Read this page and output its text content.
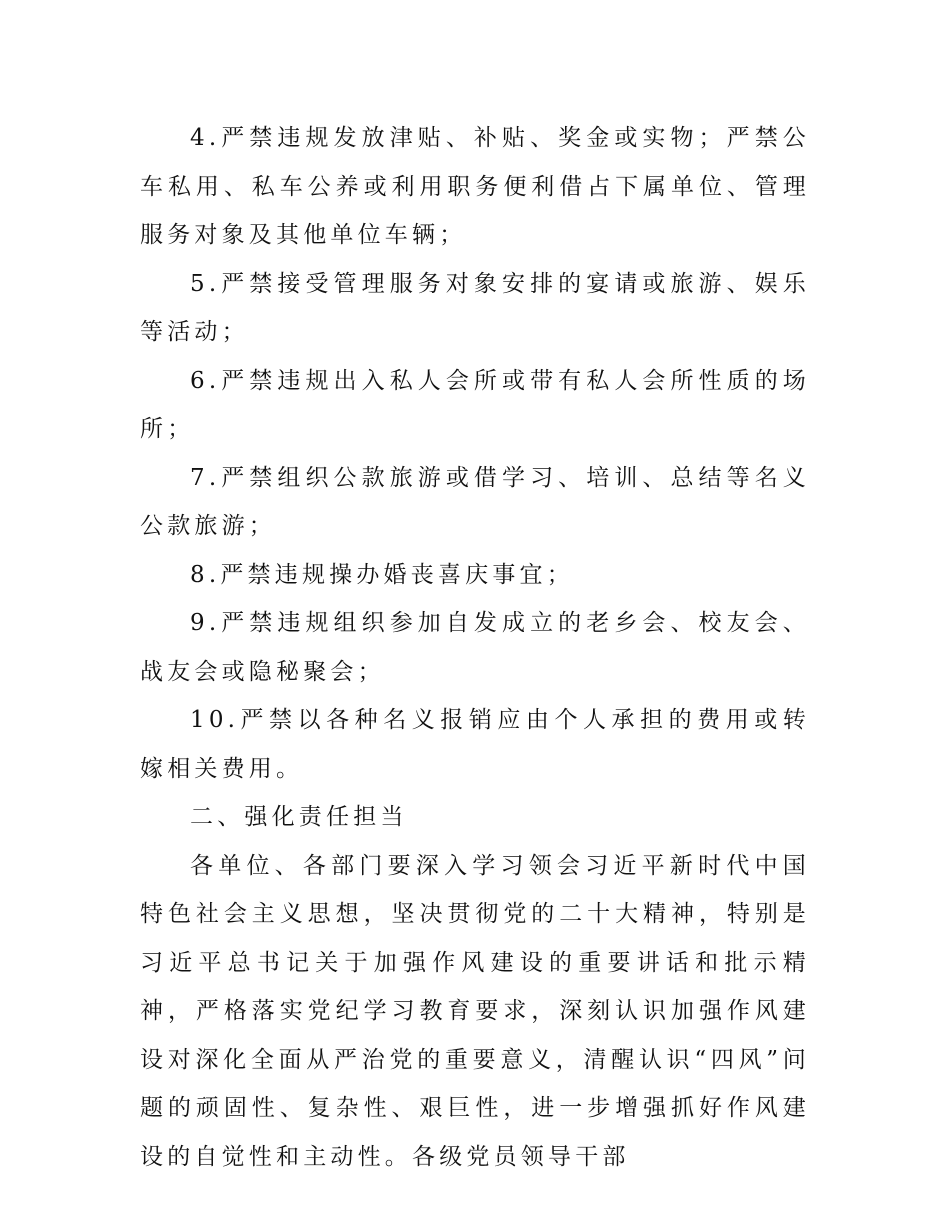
4.严禁违规发放津贴、补贴、奖金或实物；严禁公车私用、私车公养或利用职务便利借占下属单位、管理服务对象及其他单位车辆；

5.严禁接受管理服务对象安排的宴请或旅游、娱乐等活动；

6.严禁违规出入私人会所或带有私人会所性质的场所；

7.严禁组织公款旅游或借学习、培训、总结等名义公款旅游；

8.严禁违规操办婚丧喜庆事宜；

9.严禁违规组织参加自发成立的老乡会、校友会、战友会或隐秘聚会；

10.严禁以各种名义报销应由个人承担的费用或转嫁相关费用。

二、强化责任担当

各单位、各部门要深入学习领会习近平新时代中国特色社会主义思想，坚决贯彻党的二十大精神，特别是习近平总书记关于加强作风建设的重要讲话和批示精神，严格落实党纪学习教育要求，深刻认识加强作风建设对深化全面从严治党的重要意义，清醒认识“四风”问题的顽固性、复杂性、艰巨性，进一步增强抓好作风建设的自觉性和主动性。各级党员领导干部
